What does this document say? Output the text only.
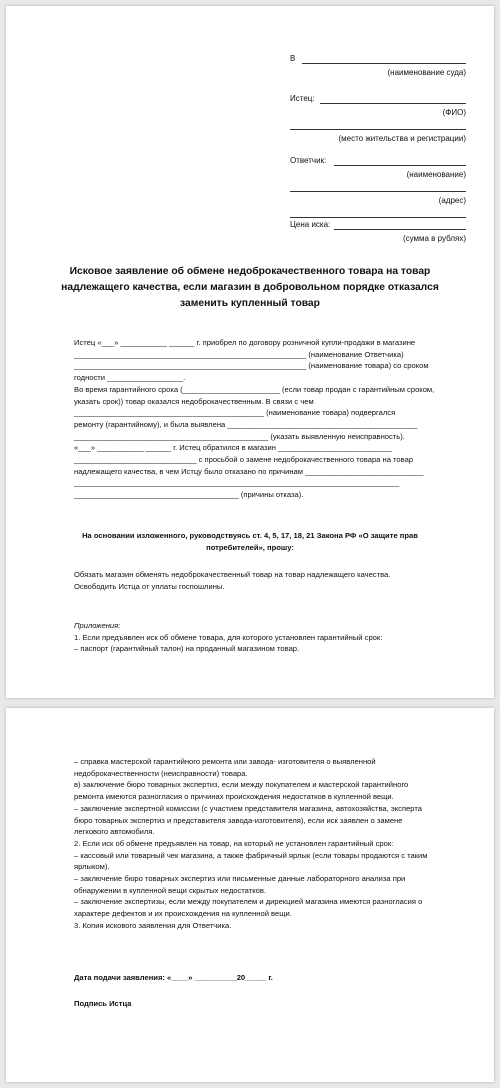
В
(наименование суда)
Истец:
(ФИО)
(место жительства и регистрации)
Ответчик:
(наименование)
(адрес)
Цена иска:
(сумма в рублях)
Исковое заявление об обмене недоброкачественного товара на товар
надлежащего качества, если магазин в добровольном порядке отказался
заменить купленный товар

Истец «___» ___________ ______ г. приобрел по договору розничной купли-продажи в магазине

_______________________________________________________ (наименование Ответчика)

_______________________________________________________ (наименование товара) со сроком

годности __________________.

Во время гарантийного срока (_______________________ (если товар продан с гарантийным сроком,

указать срок)) товар оказался недоброкачественным. В связи с чем

_____________________________________________ (наименование товара) подвергался

ремонту (гарантийному), и была выявлена _____________________________________________

______________________________________________ (указать выявленную неисправность).

«___» ___________ ______ г. Истец обратился в магазин ___________________________

_____________________________ с просьбой о замене недоброкачественного товара на товар

надлежащего качества, в чем Истцу было отказано по причинам ____________________________

_____________________________________________________________________________

_______________________________________ (причины отказа).

На основании изложенного, руководствуясь ст. 4, 5, 17, 18, 21 Закона РФ «О защите прав

потребителей», прошу:

Обязать магазин обменять недоброкачественный товар на товар надлежащего качества.

Освободить Истца от уплаты госпошлины.

Приложения:

1. Если предъявлен иск об обмене товара, для которого установлен гарантийный срок:

– паспорт (гарантийный талон) на проданный магазином товар.

– справка мастерской гарантийного ремонта или завода- изготовителя о выявленной

недоброкачественности (неисправности) товара.

в) заключение бюро товарных экспертиз, если между покупателем и мастерской гарантийного

ремонта имеются разногласия о причинах происхождения недостатков в купленной вещи.

– заключение экспертной комиссии (с участием представителя магазина, автохозяйства, эксперта

бюро товарных экспертиз и представителя завода-изготовителя), если иск заявлен о замене

легкового автомобиля.

2. Если иск об обмене предъявлен на товар, на который не установлен гарантийный срок:

– кассовый или товарный чек магазина, а также фабричный ярлык (если товары продаются с таким

ярлыком).

– заключение бюро товарных экспертиз или письменные данные лабораторного анализа при

обнаружении в купленной вещи скрытых недостатков.

– заключение экспертизы, если между покупателем и дирекцией магазина имеются разногласия о

характере дефектов и их происхождения на купленной вещи.

3. Копия искового заявления для Ответчика.

Дата подачи заявления: «____» __________20_____ г.

Подпись Истца
